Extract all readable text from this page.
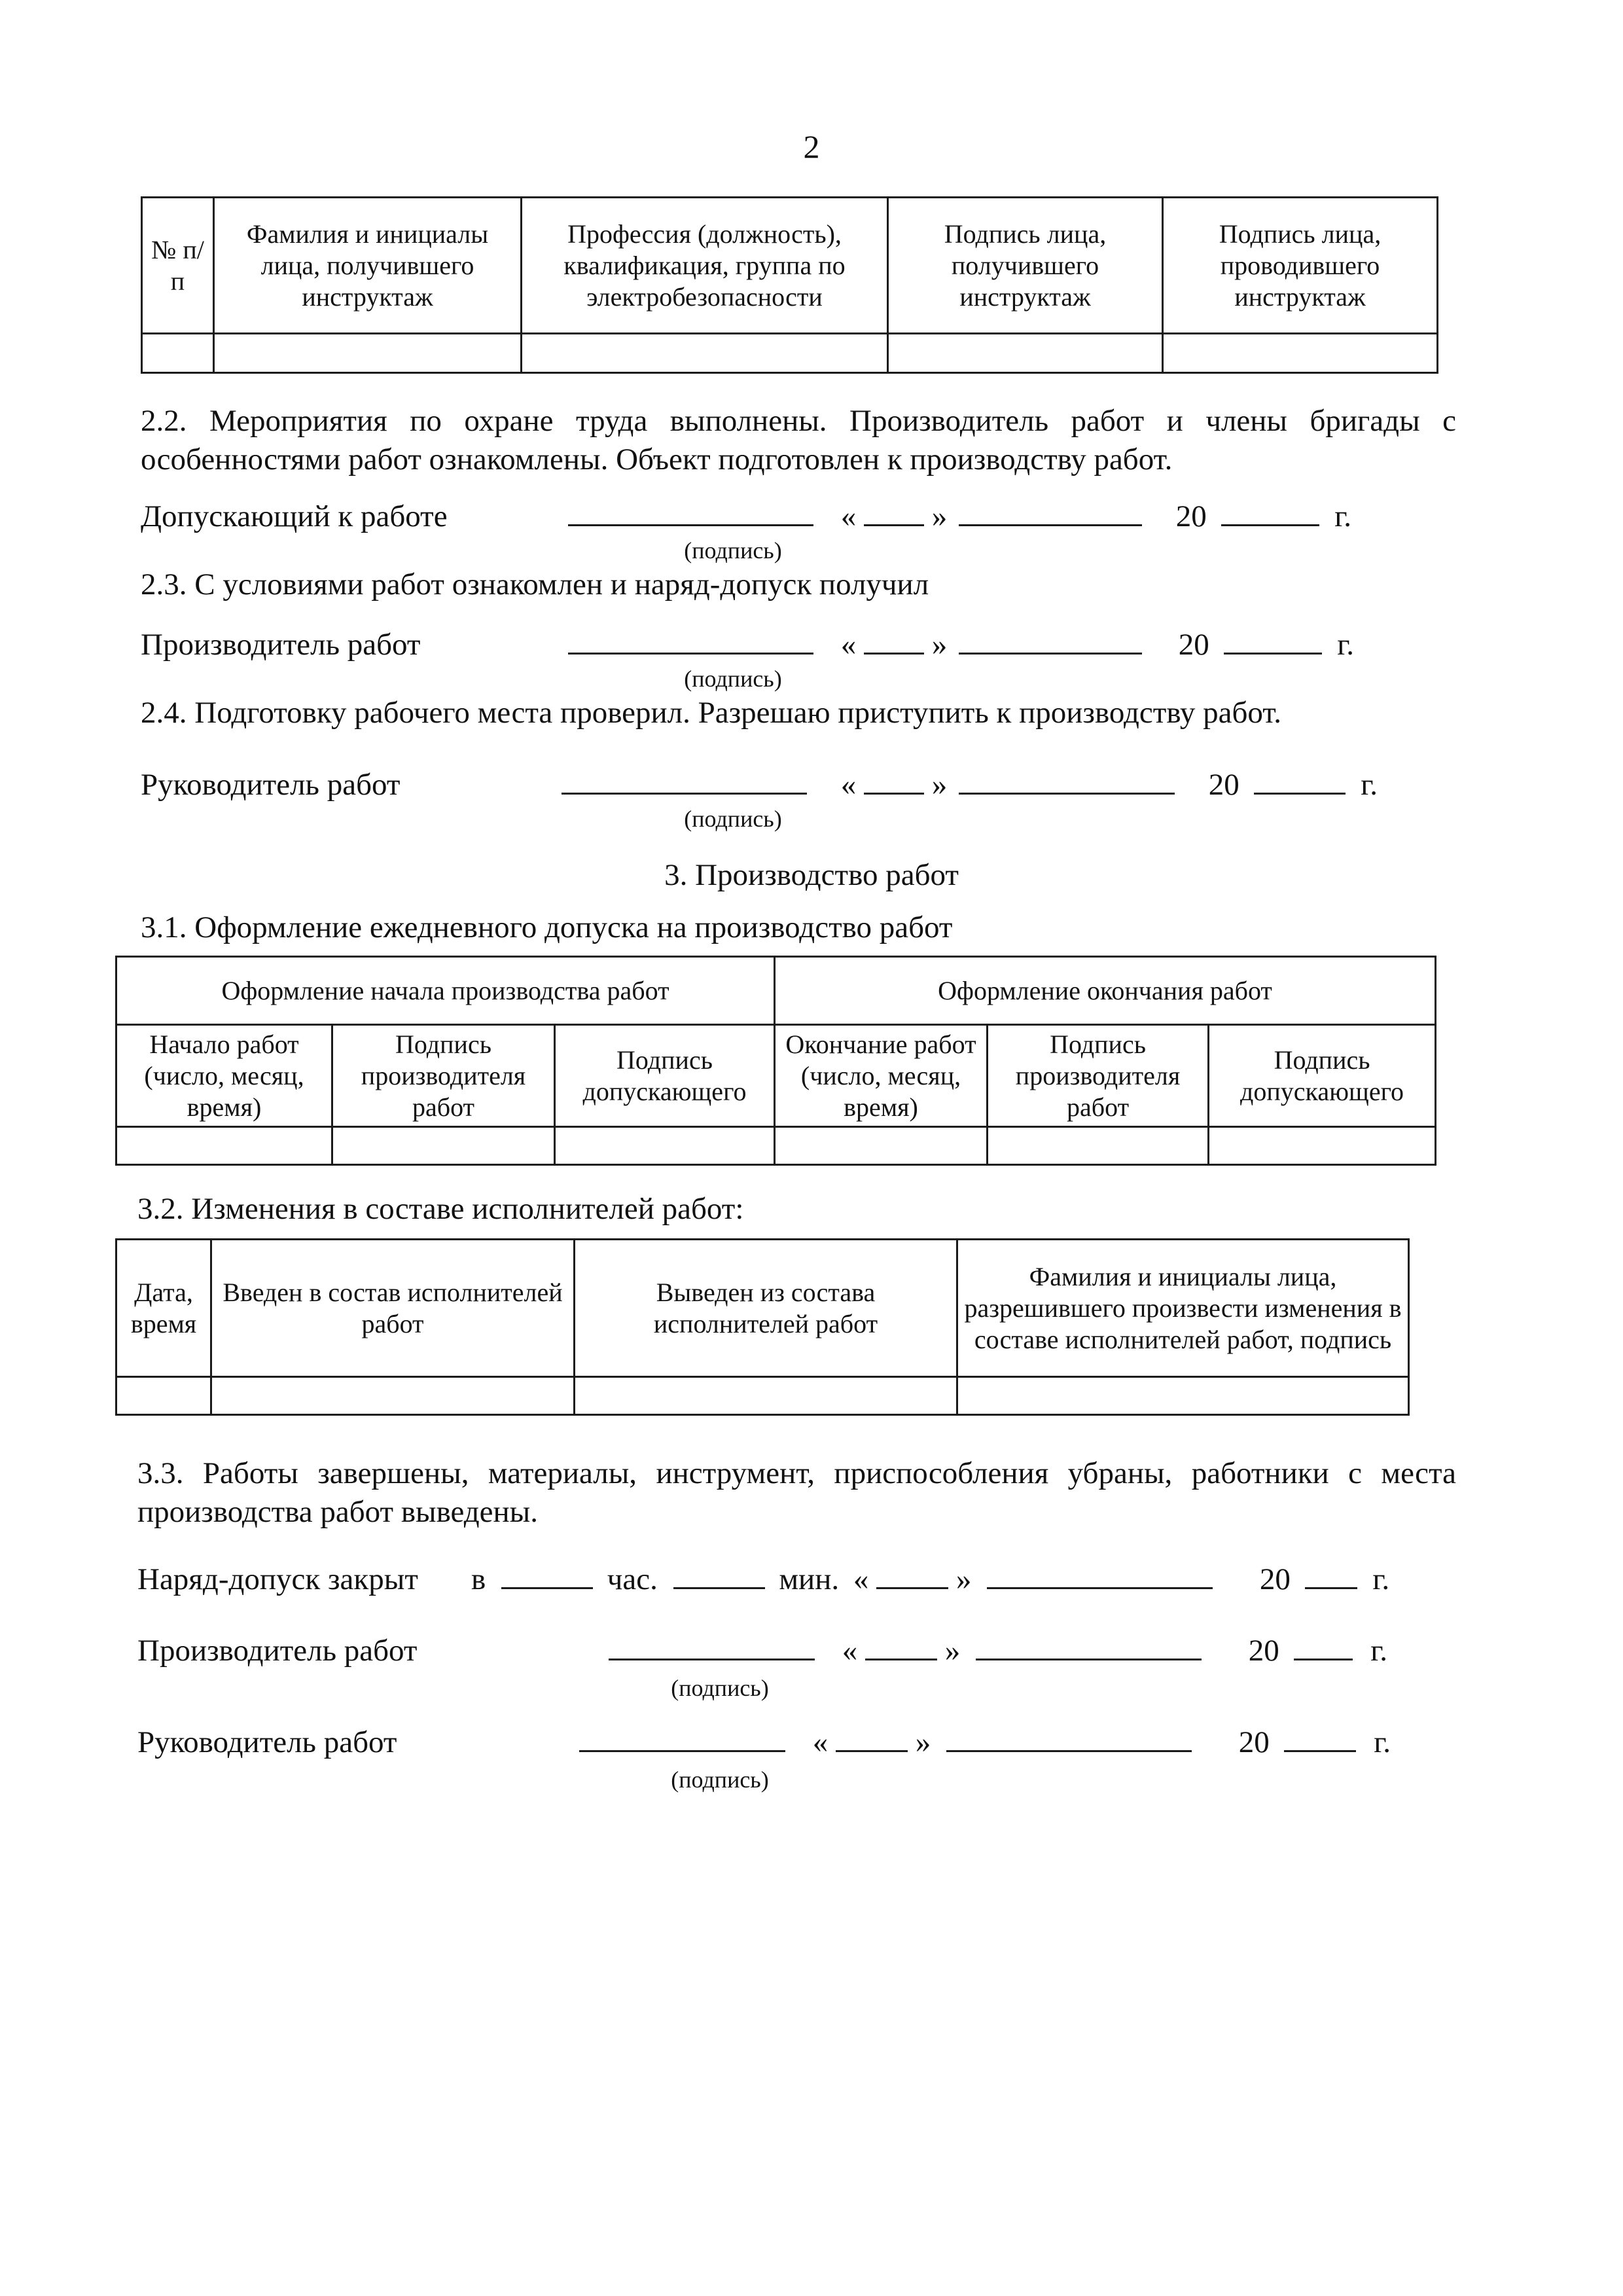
2
№ п/п	Фамилия и инициалы лица, получившего инструктаж	Профессия (должность), квалификация, группа по электробезопасности	Подпись лица, получившего инструктаж	Подпись лица, проводившего инструктаж

2.2. Мероприятия по охране труда выполнены. Производитель работ и члены бригады с особенностями работ ознакомлены. Объект подготовлен к производству работ.
Допускающий к работе	« »	20	г.
(подпись)
2.3. С условиями работ ознакомлен и наряд-допуск получил
Производитель работ	« »	20	г.
(подпись)
2.4. Подготовку рабочего места проверил. Разрешаю приступить к производству работ.
Руководитель работ	« »	20	г.
(подпись)
3. Производство работ
3.1. Оформление ежедневного допуска на производство работ
Оформление начала производства работ			Оформление окончания работ		
Начало работ (число, месяц, время)	Подпись производителя работ	Подпись допускающего	Окончание работ (число, месяц, время)	Подпись производителя работ	Подпись допускающего

3.2. Изменения в составе исполнителей работ:
Дата, время	Введен в состав исполнителей работ	Выведен из состава исполнителей работ	Фамилия и инициалы лица, разрешившего произвести изменения в составе исполнителей работ, подпись

3.3. Работы завершены, материалы, инструмент, приспособления убраны, работники с места производства работ выведены.
Наряд-допуск закрыт в	час.	мин. «	»	20	г.
Производитель работ	«	»	20	г.
(подпись)
Руководитель работ	«	»	20	г.
(подпись)
